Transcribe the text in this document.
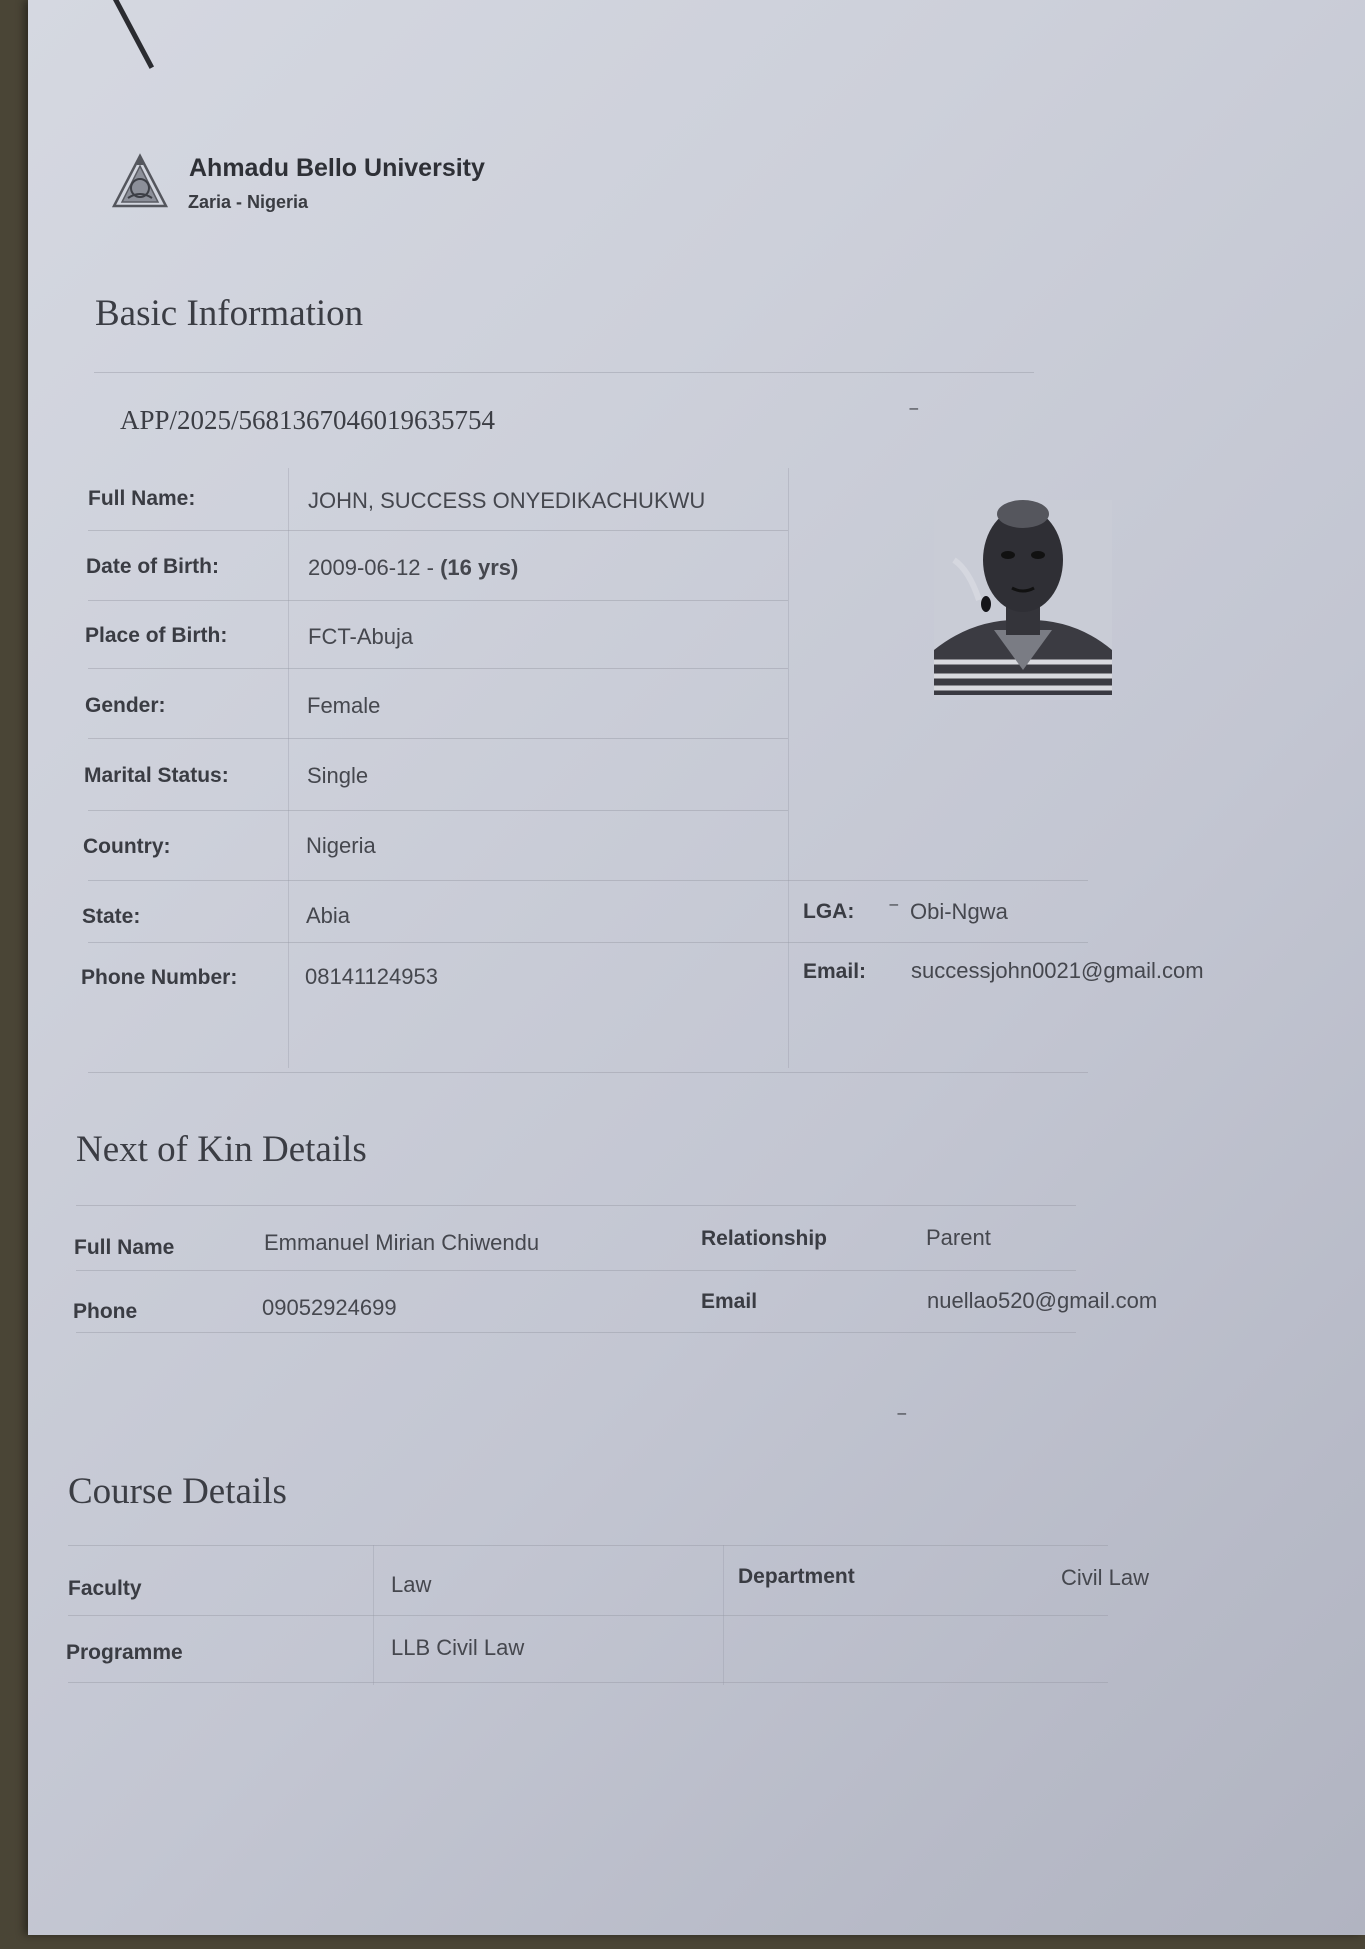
Ahmadu Bello University
Zaria - Nigeria
Basic Information
APP/2025/5681367046019635754	⁻
Full Name:	JOHN, SUCCESS ONYEDIKACHUKWU
Date of Birth:	2009-06-12 - (16 yrs)
Place of Birth:	FCT-Abuja
Gender:	Female
Marital Status:	Single
Country:	Nigeria
State:	Abia	LGA: ⁻ Obi-Ngwa
Phone Number:	08141124953	Email: successjohn0021@gmail.com
Next of Kin Details
Full Name	Emmanuel Mirian Chiwendu	Relationship	Parent
Phone	09052924699	Email	nuellao520@gmail.com
⁻
Course Details
Faculty	Law	Department	Civil Law
Programme	LLB Civil Law
